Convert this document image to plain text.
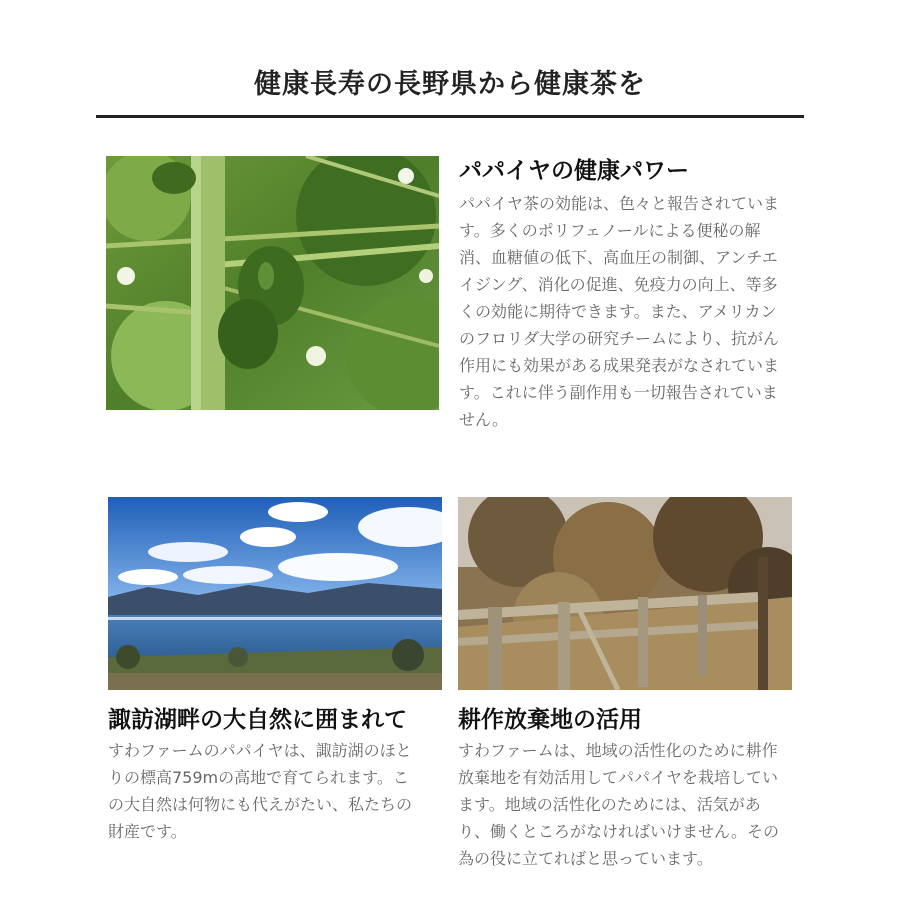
健康長寿の長野県から健康茶を
パパイヤの健康パワー
パパイヤ茶の効能は、色々と報告されています。多くのポリフェノールによる便秘の解消、血糖値の低下、高血圧の制御、アンチエイジング、消化の促進、免疫力の向上、等多くの効能に期待できます。また、アメリカンのフロリダ大学の研究チームにより、抗がん作用にも効果がある成果発表がなされています。これに伴う副作用も一切報告されていません。
諏訪湖畔の大自然に囲まれて
すわファームのパパイヤは、諏訪湖のほとりの標高759mの高地で育てられます。この大自然は何物にも代えがたい、私たちの財産です。
耕作放棄地の活用
すわファームは、地域の活性化のために耕作放棄地を有効活用してパパイヤを栽培しています。地域の活性化のためには、活気があり、働くところがなければいけません。その為の役に立てればと思っています。
